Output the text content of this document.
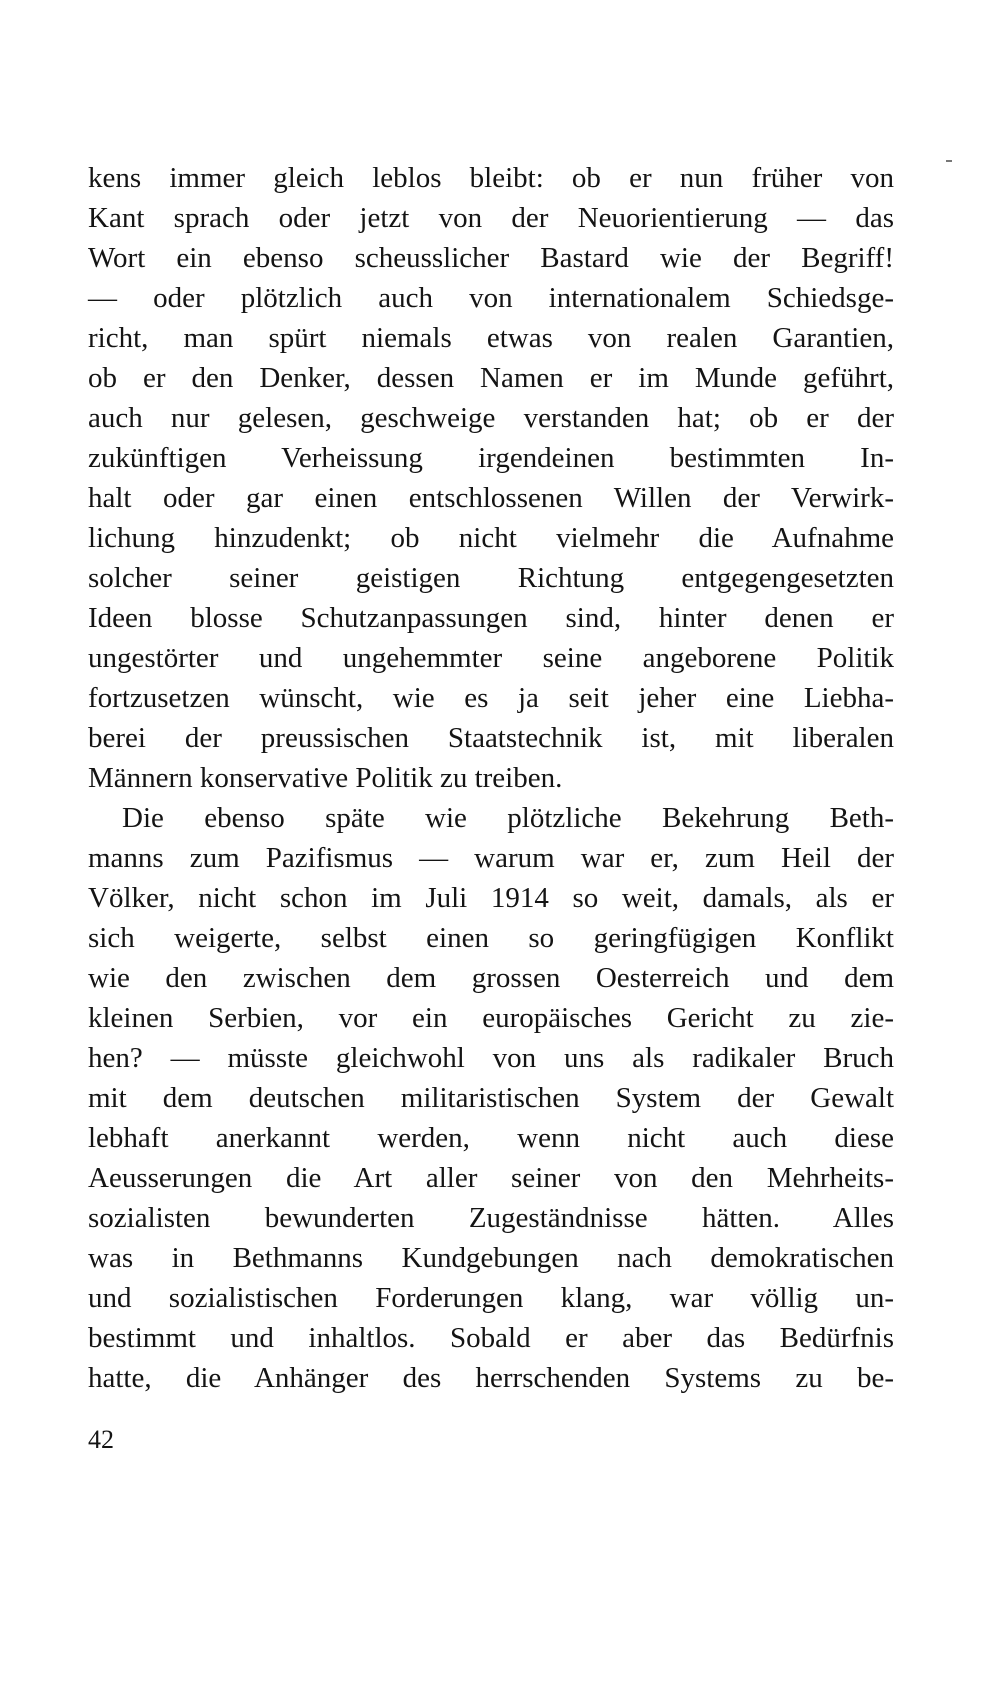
kens immer gleich leblos bleibt: ob er nun früher von
Kant sprach oder jetzt von der Neuorientierung — das
Wort ein ebenso scheusslicher Bastard wie der Begriff!
— oder plötzlich auch von internationalem Schiedsge-
richt, man spürt niemals etwas von realen Garantien,
ob er den Denker, dessen Namen er im Munde geführt,
auch nur gelesen, geschweige verstanden hat; ob er der
zukünftigen Verheissung irgendeinen bestimmten In-
halt oder gar einen entschlossenen Willen der Verwirk-
lichung hinzudenkt; ob nicht vielmehr die Aufnahme
solcher seiner geistigen Richtung entgegengesetzten
Ideen blosse Schutzanpassungen sind, hinter denen er
ungestörter und ungehemmter seine angeborene Politik
fortzusetzen wünscht, wie es ja seit jeher eine Liebha-
berei der preussischen Staatstechnik ist, mit liberalen
Männern konservative Politik zu treiben.
Die ebenso späte wie plötzliche Bekehrung Beth-
manns zum Pazifismus — warum war er, zum Heil der
Völker, nicht schon im Juli 1914 so weit, damals, als er
sich weigerte, selbst einen so geringfügigen Konflikt
wie den zwischen dem grossen Oesterreich und dem
kleinen Serbien, vor ein europäisches Gericht zu zie-
hen? — müsste gleichwohl von uns als radikaler Bruch
mit dem deutschen militaristischen System der Gewalt
lebhaft anerkannt werden, wenn nicht auch diese
Aeusserungen die Art aller seiner von den Mehrheits-
sozialisten bewunderten Zugeständnisse hätten. Alles
was in Bethmanns Kundgebungen nach demokratischen
und sozialistischen Forderungen klang, war völlig un-
bestimmt und inhaltlos. Sobald er aber das Bedürfnis
hatte, die Anhänger des herrschenden Systems zu be-
42
